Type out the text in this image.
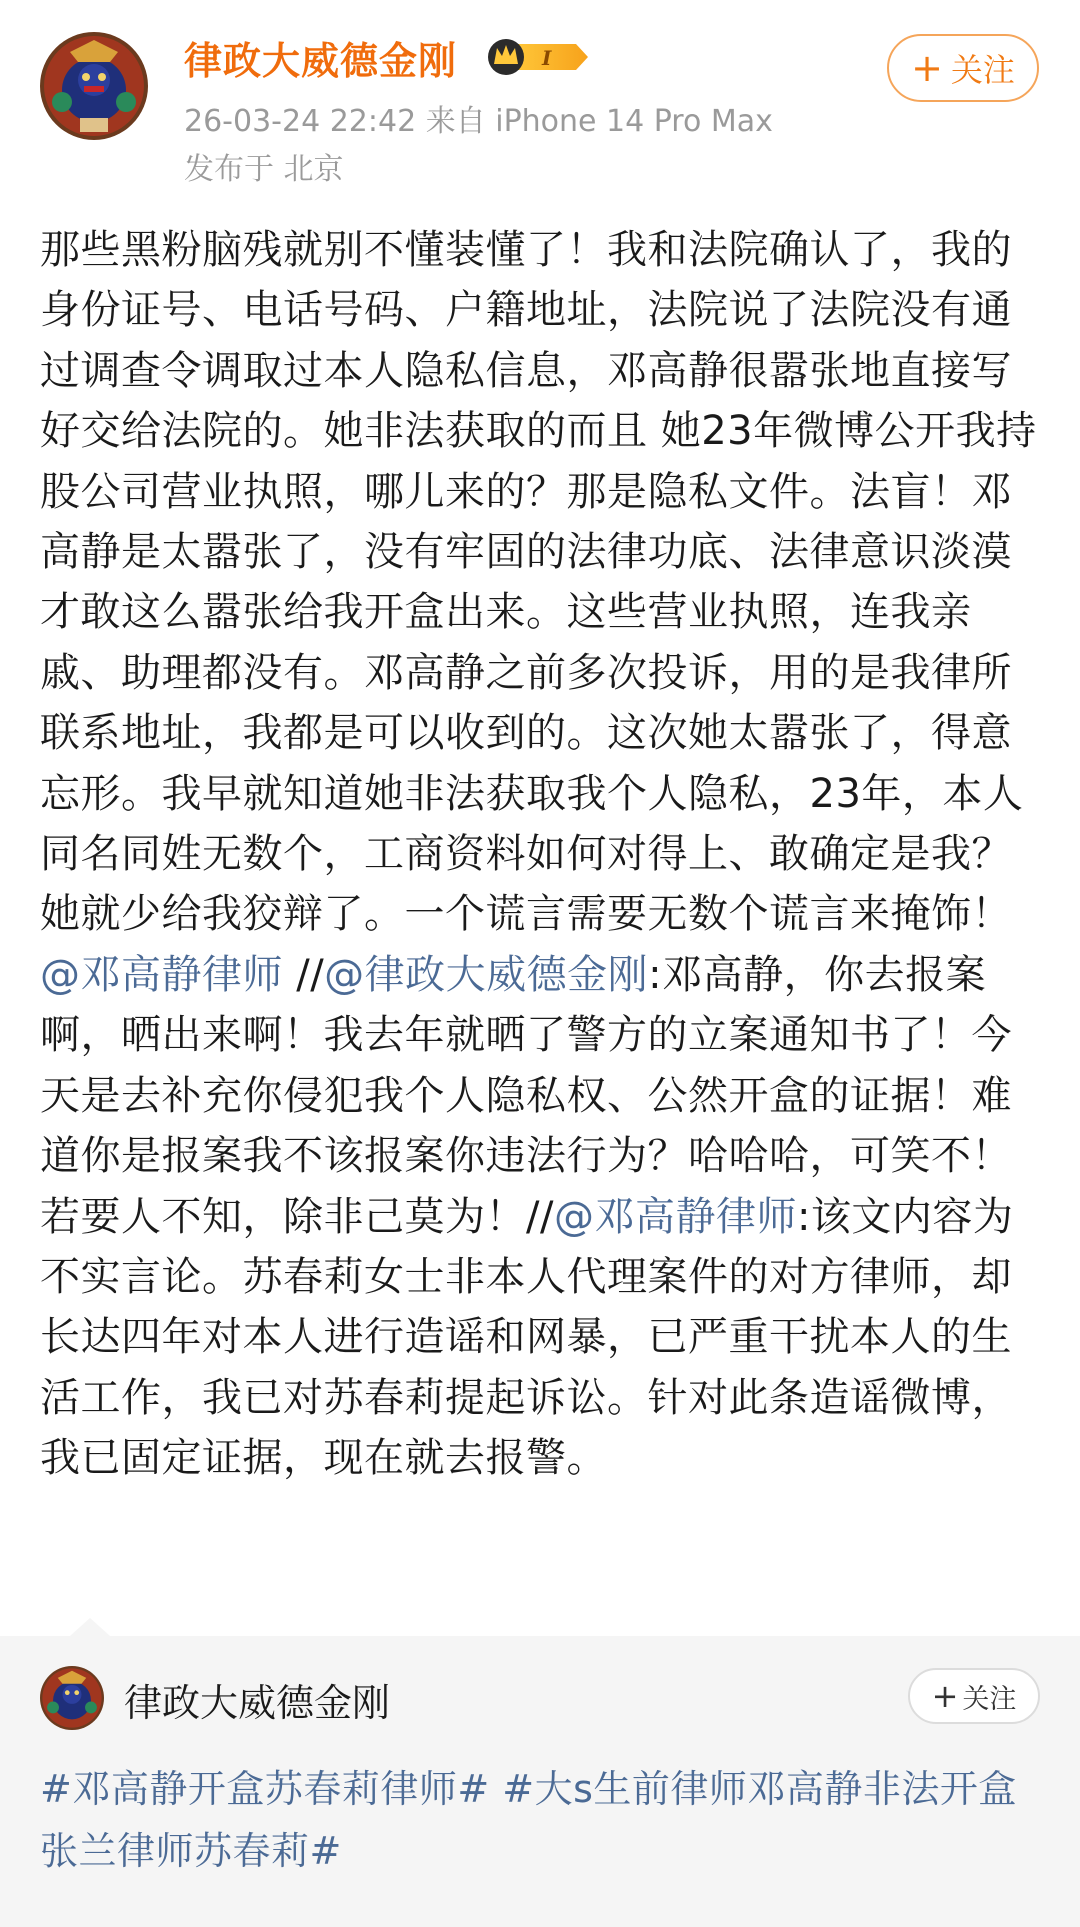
律政大威德金刚	I
26-03-24 22:42 来自 iPhone 14 Pro Max
发布于 北京
+ 关注
那些黑粉脑残就别不懂装懂了！我和法院确认了，我的身份证号、电话号码、户籍地址，法院说了法院没有通过调查令调取过本人隐私信息，邓高静很嚣张地直接写好交给法院的。她非法获取的而且 她23年微博公开我持股公司营业执照，哪儿来的？那是隐私文件。法盲！邓高静是太嚣张了，没有牢固的法律功底、法律意识淡漠才敢这么嚣张给我开盒出来。这些营业执照，连我亲戚、助理都没有。邓高静之前多次投诉，用的是我律所联系地址，我都是可以收到的。这次她太嚣张了，得意忘形。我早就知道她非法获取我个人隐私，23年，本人同名同姓无数个，工商资料如何对得上、敢确定是我？她就少给我狡辩了。一个谎言需要无数个谎言来掩饰！@邓高静律师 //@律政大威德金刚:邓高静，你去报案啊，晒出来啊！我去年就晒了警方的立案通知书了！今天是去补充你侵犯我个人隐私权、公然开盒的证据！难道你是报案我不该报案你违法行为？哈哈哈，可笑不！若要人不知，除非己莫为！//@邓高静律师:该文内容为不实言论。苏春莉女士非本人代理案件的对方律师，却长达四年对本人进行造谣和网暴，已严重干扰本人的生活工作，我已对苏春莉提起诉讼。针对此条造谣微博，我已固定证据，现在就去报警。
律政大威德金刚	+ 关注
#邓高静开盒苏春莉律师# #大s生前律师邓高静非法开盒张兰律师苏春莉#
